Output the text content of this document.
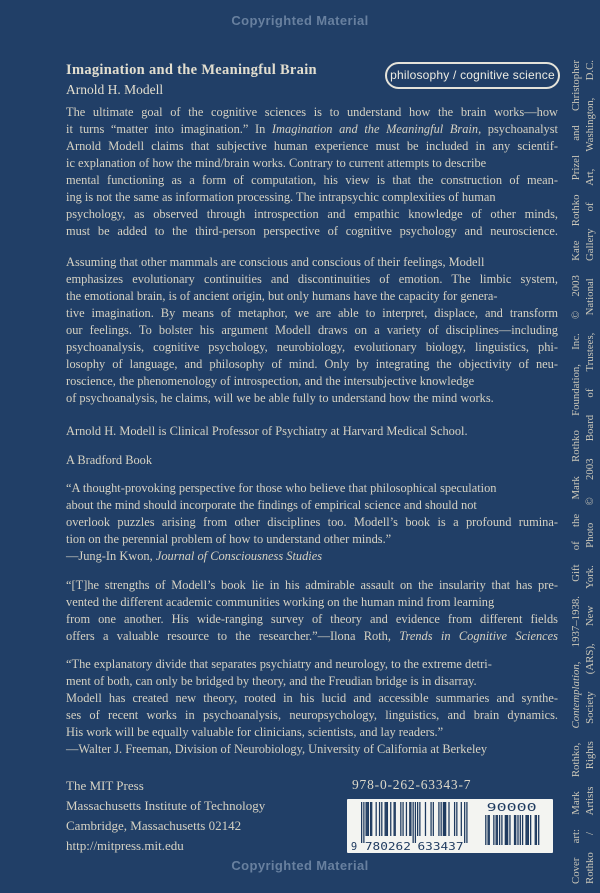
Copyrighted Material
Imagination and the Meaningful Brain
Arnold H. Modell
philosophy / cognitive science
The ultimate goal of the cognitive sciences is to understand how the brain works—how
it turns “matter into imagination.” In Imagination and the Meaningful Brain, psychoanalyst
Arnold Modell claims that subjective human experience must be included in any scientif-
ic explanation of how the mind/brain works. Contrary to current attempts to describe
mental functioning as a form of computation, his view is that the construction of mean-
ing is not the same as information processing. The intrapsychic complexities of human
psychology, as observed through introspection and empathic knowledge of other minds,
must be added to the third-person perspective of cognitive psychology and neuroscience.
Assuming that other mammals are conscious and conscious of their feelings, Modell
emphasizes evolutionary continuities and discontinuities of emotion. The limbic system,
the emotional brain, is of ancient origin, but only humans have the capacity for genera-
tive imagination. By means of metaphor, we are able to interpret, displace, and transform
our feelings. To bolster his argument Modell draws on a variety of disciplines—including
psychoanalysis, cognitive psychology, neurobiology, evolutionary biology, linguistics, phi-
losophy of language, and philosophy of mind. Only by integrating the objectivity of neu-
roscience, the phenomenology of introspection, and the intersubjective knowledge
of psychoanalysis, he claims, will we be able fully to understand how the mind works.
Arnold H. Modell is Clinical Professor of Psychiatry at Harvard Medical School.
A Bradford Book
“A thought-provoking perspective for those who believe that philosophical speculation
about the mind should incorporate the findings of empirical science and should not
overlook puzzles arising from other disciplines too. Modell’s book is a profound rumina-
tion on the perennial problem of how to understand other minds.”
—Jung-In Kwon, Journal of Consciousness Studies
“[T]he strengths of Modell’s book lie in his admirable assault on the insularity that has pre-
vented the different academic communities working on the human mind from learning
from one another. His wide-ranging survey of theory and evidence from different fields
offers a valuable resource to the researcher.”—Ilona Roth, Trends in Cognitive Sciences
“The explanatory divide that separates psychiatry and neurology, to the extreme detri-
ment of both, can only be bridged by theory, and the Freudian bridge is in disarray.
Modell has created new theory, rooted in his lucid and accessible summaries and synthe-
ses of recent works in psychoanalysis, neuropsychology, linguistics, and brain dynamics.
His work will be equally valuable for clinicians, scientists, and lay readers.”
—Walter J. Freeman, Division of Neurobiology, University of California at Berkeley
The MIT Press
Massachusetts Institute of Technology
Cambridge, Massachusetts 02142
http://mitpress.mit.edu
978-0-262-63343-7
9 780262 633437
90000
Copyrighted Material	Cover art: Mark Rothko, Contemplation, 1937–1938. Gift of the Mark Rothko Foundation, Inc. © 2003 Kate Rothko Prizel and Christopher Rothko / Artists Rights Society (ARS), New York. Photo © 2003 Board of Trustees, National Gallery of Art, Washington, D.C.
